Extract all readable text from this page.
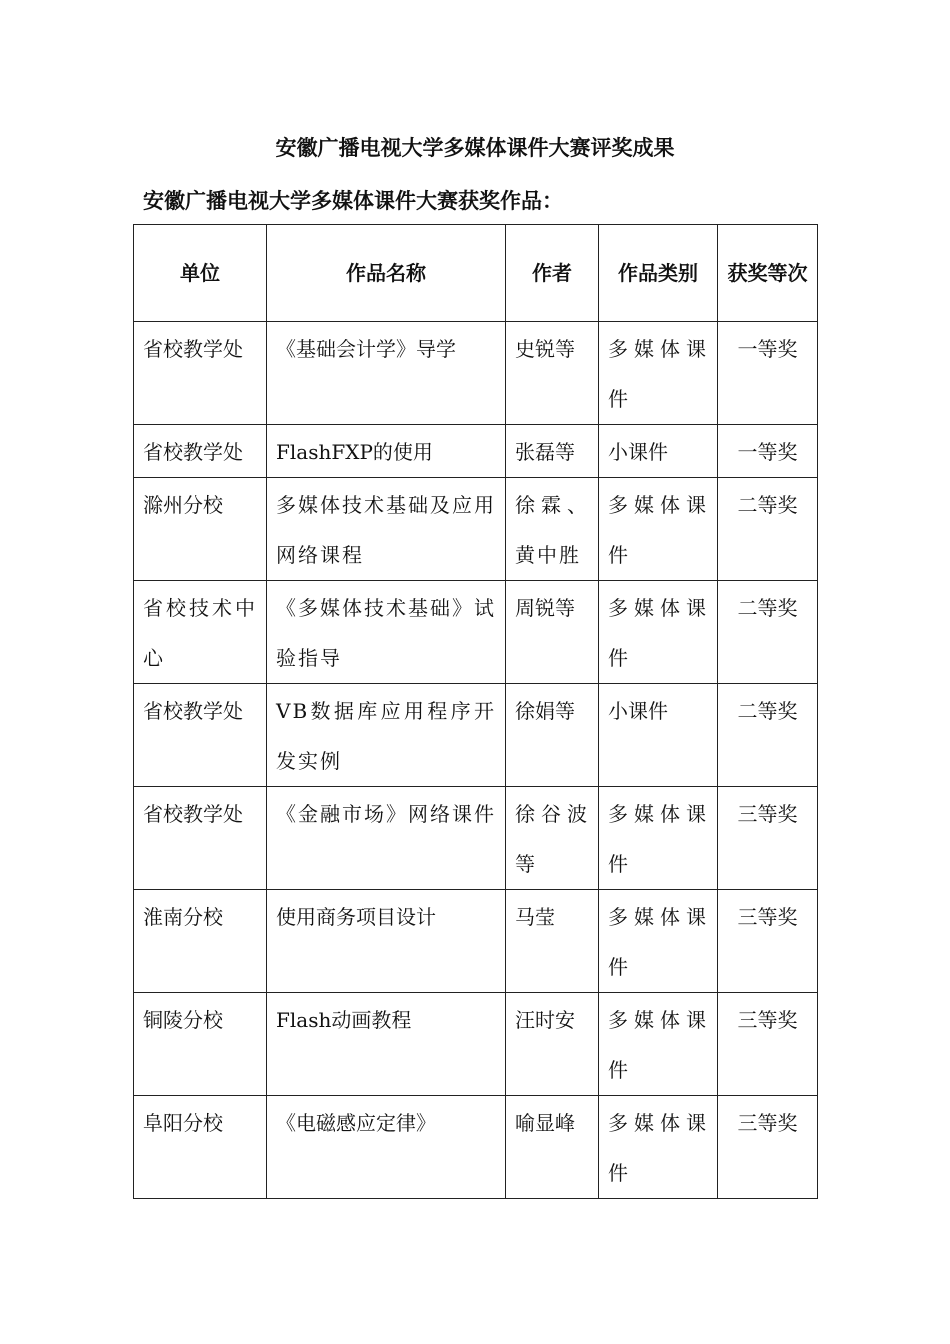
安徽广播电视大学多媒体课件大赛评奖成果
安徽广播电视大学多媒体课件大赛获奖作品：
单位	作品名称	作者	作品类别	获奖等次
省校教学处	《基础会计学》导学	史锐等	多媒体课件	一等奖
省校教学处	FlashFXP的使用	张磊等	小课件	一等奖
滁州分校	多媒体技术基础及应用网络课程	徐霖、黄中胜	多媒体课件	二等奖
省校技术中心	《多媒体技术基础》试验指导	周锐等	多媒体课件	二等奖
省校教学处	VB数据库应用程序开发实例	徐娟等	小课件	二等奖
省校教学处	《金融市场》网络课件	徐谷波等	多媒体课件	三等奖
淮南分校	使用商务项目设计	马莹	多媒体课件	三等奖
铜陵分校	Flash动画教程	汪时安	多媒体课件	三等奖
阜阳分校	《电磁感应定律》	喻显峰	多媒体课件	三等奖
